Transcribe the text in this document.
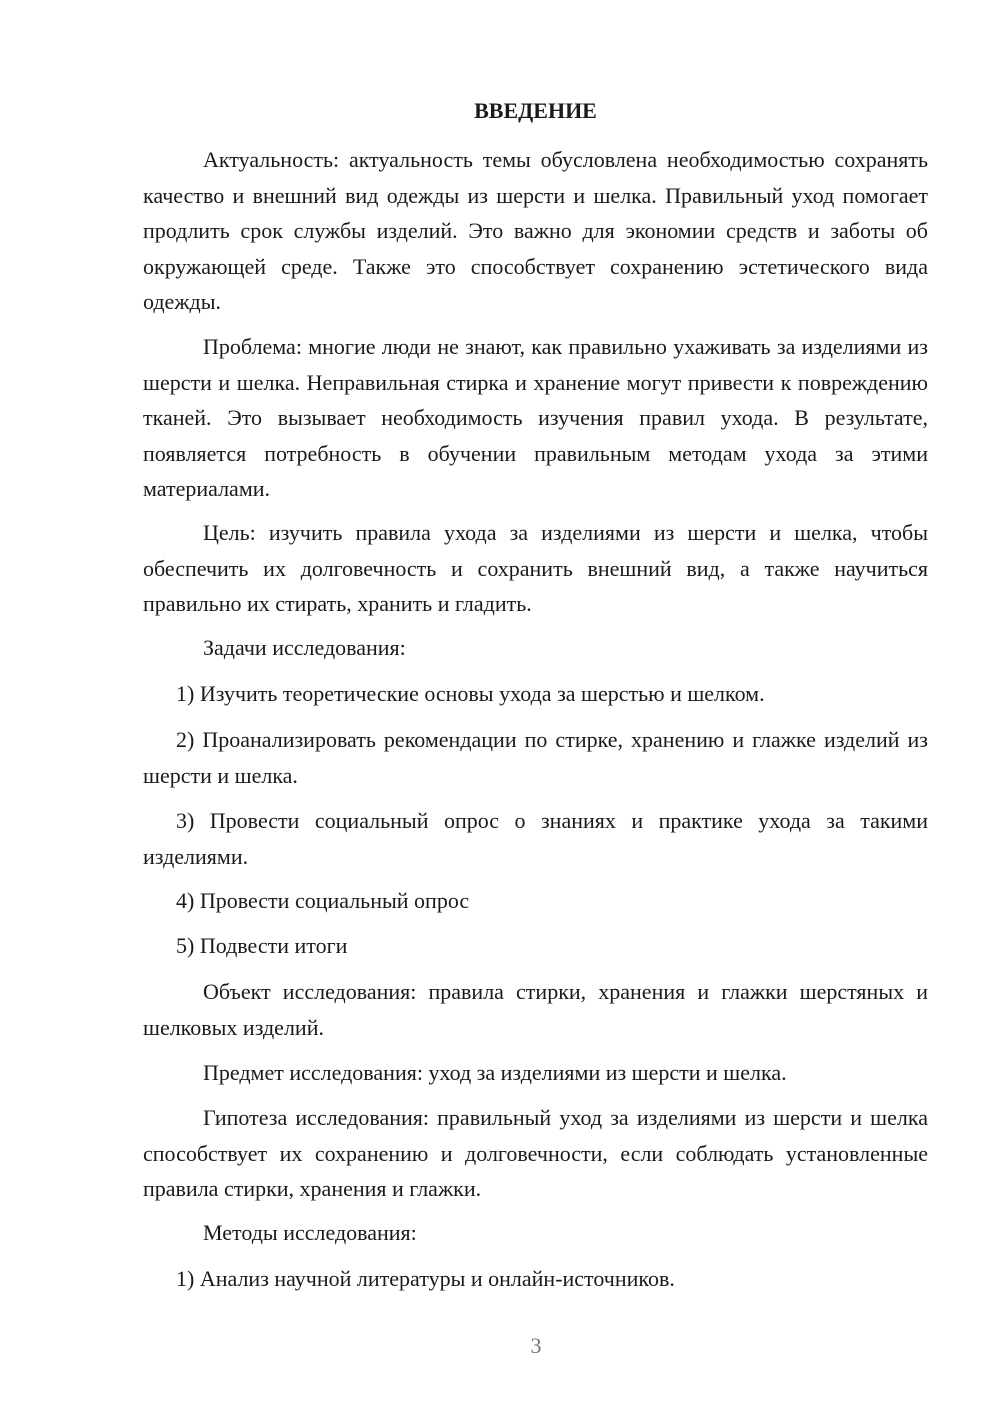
ВВЕДЕНИЕ

Актуальность: актуальность темы обусловлена необходимостью сохранять качество и внешний вид одежды из шерсти и шелка. Правильный уход помогает продлить срок службы изделий. Это важно для экономии средств и заботы об окружающей среде. Также это способствует сохранению эстетического вида одежды.

Проблема: многие люди не знают, как правильно ухаживать за изделиями из шерсти и шелка. Неправильная стирка и хранение могут привести к повреждению тканей. Это вызывает необходимость изучения правил ухода. В результате, появляется потребность в обучении правильным методам ухода за этими материалами.

Цель: изучить правила ухода за изделиями из шерсти и шелка, чтобы обеспечить их долговечность и сохранить внешний вид, а также научиться правильно их стирать, хранить и гладить.

Задачи исследования:

1) Изучить теоретические основы ухода за шерстью и шелком.

2) Проанализировать рекомендации по стирке, хранению и глажке изделий из шерсти и шелка.

3) Провести социальный опрос о знаниях и практике ухода за такими изделиями.

4) Провести социальный опрос

5) Подвести итоги

Объект исследования: правила стирки, хранения и глажки шерстяных и шелковых изделий.

Предмет исследования: уход за изделиями из шерсти и шелка.

Гипотеза исследования: правильный уход за изделиями из шерсти и шелка способствует их сохранению и долговечности, если соблюдать установленные правила стирки, хранения и глажки.

Методы исследования:

1) Анализ научной литературы и онлайн-источников.

3
